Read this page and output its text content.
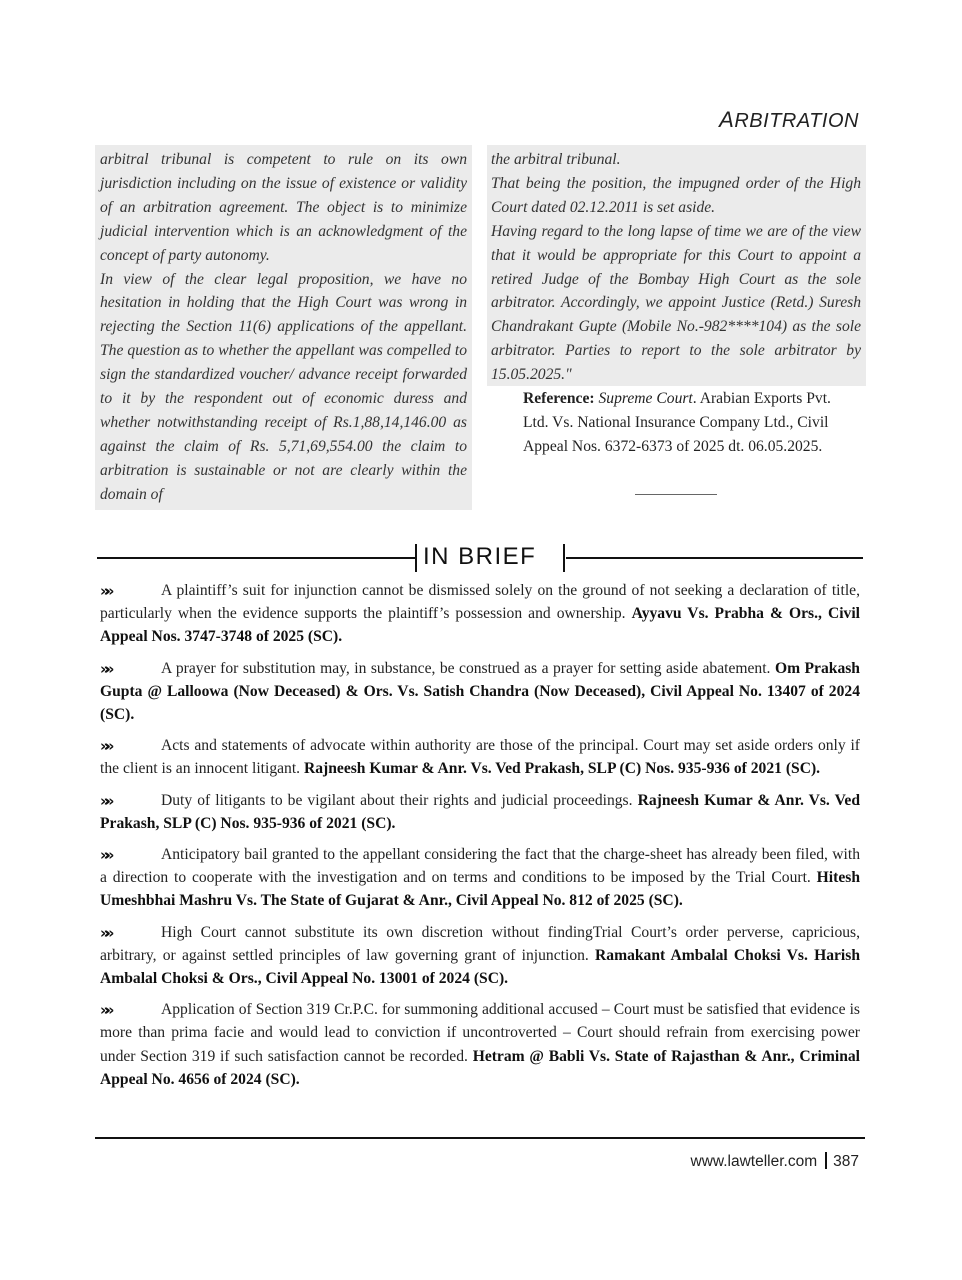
ARBITRATION

arbitral tribunal is competent to rule on its own jurisdiction including on the issue of existence or validity of an arbitration agreement. The object is to minimize judicial intervention which is an acknowledgment of the concept of party autonomy.

In view of the clear legal proposition, we have no hesitation in holding that the High Court was wrong in rejecting the Section 11(6) applications of the appellant. The question as to whether the appellant was compelled to sign the standardized voucher/ advance receipt forwarded to it by the respondent out of economic duress and whether notwithstanding receipt of Rs.1,88,14,146.00 as against the claim of Rs. 5,71,69,554.00 the claim to arbitration is sustainable or not are clearly within the domain of

the arbitral tribunal.

That being the position, the impugned order of the High Court dated 02.12.2011 is set aside.

Having regard to the long lapse of time we are of the view that it would be appropriate for this Court to appoint a retired Judge of the Bombay High Court as the sole arbitrator. Accordingly, we appoint Justice (Retd.) Suresh Chandrakant Gupte (Mobile No.-982****104) as the sole arbitrator. Parties to report to the sole arbitrator by 15.05.2025."

Reference: Supreme Court. Arabian Exports Pvt. Ltd. Vs. National Insurance Company Ltd., Civil Appeal Nos. 6372-6373 of 2025 dt. 06.05.2025.
IN BRIEF
»»	A plaintiff’s suit for injunction cannot be dismissed solely on the ground of not seeking a declaration of title, particularly when the evidence supports the plaintiff’s possession and ownership. Ayyavu Vs. Prabha & Ors., Civil Appeal Nos. 3747-3748 of 2025 (SC).
»»	A prayer for substitution may, in substance, be construed as a prayer for setting aside abatement. Om Prakash Gupta @ Lalloowa (Now Deceased) & Ors. Vs. Satish Chandra (Now Deceased), Civil Appeal No. 13407 of 2024 (SC).
»»	Acts and statements of advocate within authority are those of the principal. Court may set aside orders only if the client is an innocent litigant. Rajneesh Kumar & Anr. Vs. Ved Prakash, SLP (C) Nos. 935-936 of 2021 (SC).
»»	Duty of litigants to be vigilant about their rights and judicial proceedings. Rajneesh Kumar & Anr. Vs. Ved Prakash, SLP (C) Nos. 935-936 of 2021 (SC).
»»	Anticipatory bail granted to the appellant considering the fact that the charge-sheet has already been filed, with a direction to cooperate with the investigation and on terms and conditions to be imposed by the Trial Court. Hitesh Umeshbhai Mashru Vs. The State of Gujarat & Anr., Civil Appeal No. 812 of 2025 (SC).
»»	High Court cannot substitute its own discretion without findingTrial Court’s order perverse, capricious, arbitrary, or against settled principles of law governing grant of injunction. Ramakant Ambalal Choksi Vs. Harish Ambalal Choksi & Ors., Civil Appeal No. 13001 of 2024 (SC).
»»	Application of Section 319 Cr.P.C. for summoning additional accused – Court must be satisfied that evidence is more than prima facie and would lead to conviction if uncontroverted – Court should refrain from exercising power under Section 319 if such satisfaction cannot be recorded. Hetram @ Babli Vs. State of Rajasthan & Anr., Criminal Appeal No. 4656 of 2024 (SC).
www.lawteller.com 387
